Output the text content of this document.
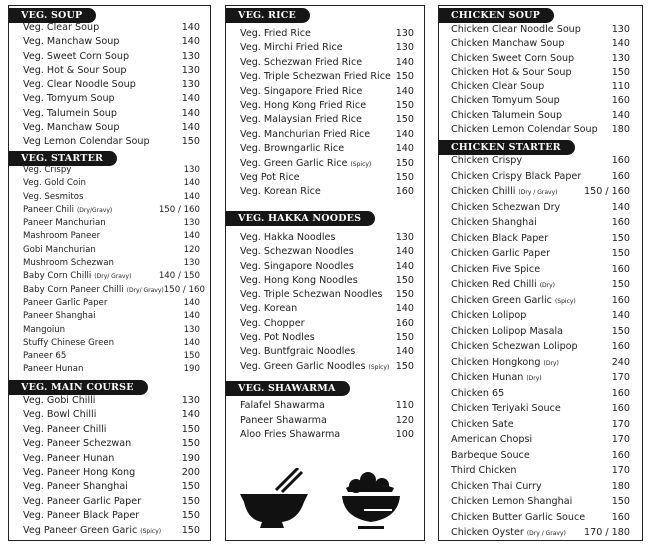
VEG. SOUP
Veg. Clear Soup	140
Veg. Manchaw Soup	140
Veg. Sweet Corn Soup	130
Veg. Hot & Sour Soup	130
Veg. Clear Noodle Soup	130
Veg. Tomyum Soup	140
Veg. Talumein Soup	140
Veg. Manchaw Soup	140
Veg Lemon Colendar Soup	150
VEG. STARTER
Veg. Crispy	130
Veg. Gold Coin	140
Veg. Sesmitos	140
Paneer Chili (Dry/Gravy)	150 / 160
Paneer Manchurian	130
Mashroom Paneer	140
Gobi Manchurian	120
Mushroom Schezwan	130
Baby Corn Chilli (Dry/ Gravy)	140 / 150
Baby Corn Paneer Chilli (Dry/ Gravy) 150 / 160
Paneer Garlic Paper	140
Paneer Shanghai	140
Mangoiun	130
Stuffy Chinese Green	140
Paneer 65	150
Paneer Hunan	190
VEG. MAIN COURSE
Veg. Gobi Chilli	130
Veg. Bowl Chilli	140
Veg. Paneer Chilli	150
Veg. Paneer Schezwan	150
Veg. Paneer Hunan	190
Veg. Paneer Hong Kong	200
Veg. Paneer Shanghai	150
Veg. Paneer Garlic Paper	150
Veg. Paneer Black Paper	150
Veg Paneer Green Garic (Spicy)	150
VEG. RICE
Veg. Fried Rice	130
Veg. Mirchi Fried Rice	130
Veg. Schezwan Fried Rice	140
Veg. Triple Schezwan Fried Rice 150
Veg. Singapore Fried Rice	140
Veg. Hong Kong Fried Rice	150
Veg. Malaysian Fried Rice	150
Veg. Manchurian Fried Rice	140
Veg. Browngarlic Rice	140
Veg. Green Garlic Rice (Spicy)	150
Veg Pot Rice	150
Veg. Korean Rice	160
VEG. HAKKA NOODES
Veg. Hakka Noodles	130
Veg. Schezwan Noodles	140
Veg. Singapore Noodles	140
Veg. Hong Kong Noodles	150
Veg. Triple Schezwan Noodles	150
Veg. Korean	140
Veg. Chopper	160
Veg. Pot Nodles	150
Veg. Buntfgraic Noodles	140
Veg. Green Garlic Noodles (Spicy) 150
VEG. SHAWARMA
Falafel Shawarma	110
Paneer Shawarma	120
Aloo Fries Shawarma	100
CHICKEN SOUP
Chicken Clear Noodle Soup	130
Chicken Manchaw Soup	140
Chicken Sweet Corn Soup	130
Chicken Hot & Sour Soup	150
Chicken Clear Soup	110
Chicken Tomyum Soup	160
Chicken Talumein Soup	140
Chicken Lemon Colendar Soup	180
CHICKEN STARTER
Chicken Crispy	160
Chicken Crispy Black Paper	160
Chicken Chilli (Dry / Gravy)	150 / 160
Chicken Schezwan Dry	140
Chicken Shanghai	160
Chicken Black Paper	150
Chicken Garlic Paper	150
Chicken Five Spice	160
Chicken Red Chilli (Dry)	150
Chicken Green Garlic (Spicy)	160
Chicken Lolipop	140
Chicken Lolipop Masala	150
Chicken Schezwan Lolipop	160
Chicken Hongkong (Dry)	240
Chicken Hunan (Dry)	170
Chicken 65	160
Chicken Teriyaki Souce	160
Chicken Sate	170
American Chopsi	170
Barbeque Souce	160
Third Chicken	170
Chicken Thai Curry	180
Chicken Lemon Shanghai	150
Chicken Butter Garlic Souce	160
Chicken Oyster (Dry / Gravy)	170 / 180
